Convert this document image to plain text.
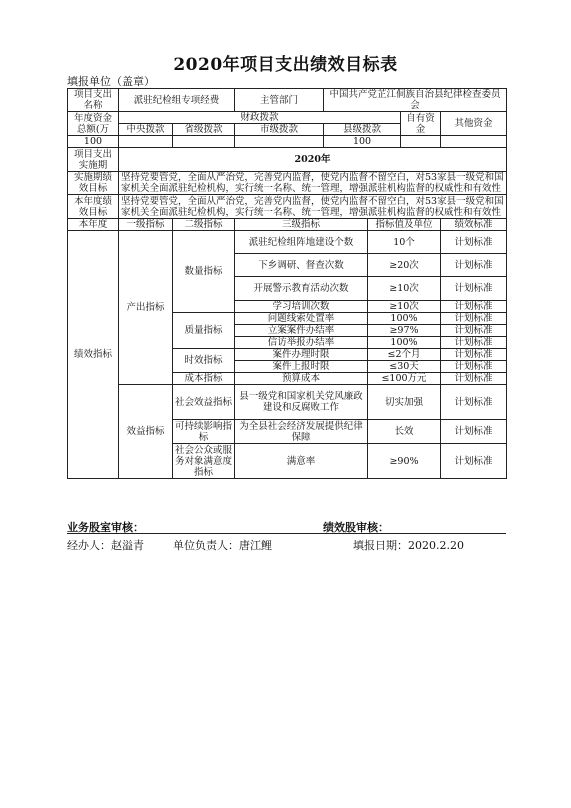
2020年项目支出绩效目标表
填报单位（盖章）
项目支出名称	派驻纪检组专项经费		主管部门	中国共产党芷江侗族自治县纪律检查委员会			
年度资金总额(万	财政拨款					自有资金	其他资金
	中央拨款	省级拨款	市级拨款	县级拨款			
100				100			
项目支出实施期	2020年						
实施期绩效目标	坚持党要管党，全面从严治党，完善党内监督，使党内监督不留空白，对53家县一级党和国家机关全面派驻纪检机构，实行统一名称、统一管理，增强派驻机构监督的权威性和有效性						
本年度绩效目标	坚持党要管党，全面从严治党，完善党内监督，使党内监督不留空白，对53家县一级党和国家机关全面派驻纪检机构，实行统一名称、统一管理，增强派驻机构监督的权威性和有效性						
本年度	一级指标	二级指标	三级指标		指标值及单位		绩效标准
绩效指标	产出指标	数量指标	派驻纪检组阵地建设个数		10个		计划标准
			下乡调研、督查次数		≥20次		计划标准
			开展警示教育活动次数		≥10次		计划标准
			学习培训次数		≥10次		计划标准
		质量指标	问题线索处置率		100%		计划标准
			立案案件办结率		≥97%		计划标准
			信访举报办结率		100%		计划标准
		时效指标	案件办理时限		≤2个月		计划标准
			案件上报时限		≤30天		计划标准
		成本指标	预算成本		≤100万元		计划标准
	效益指标	社会效益指标	县一级党和国家机关党风廉政建设和反腐败工作		切实加强		计划标准
		可持续影响指标	为全县社会经济发展提供纪律保障		长效		计划标准
		社会公众或服务对象满意度指标	满意率		≥90%		计划标准
业务股室审核：	绩效股审核：
经办人：赵溢青	单位负责人：唐江鲤	填报日期：2020.2.20
